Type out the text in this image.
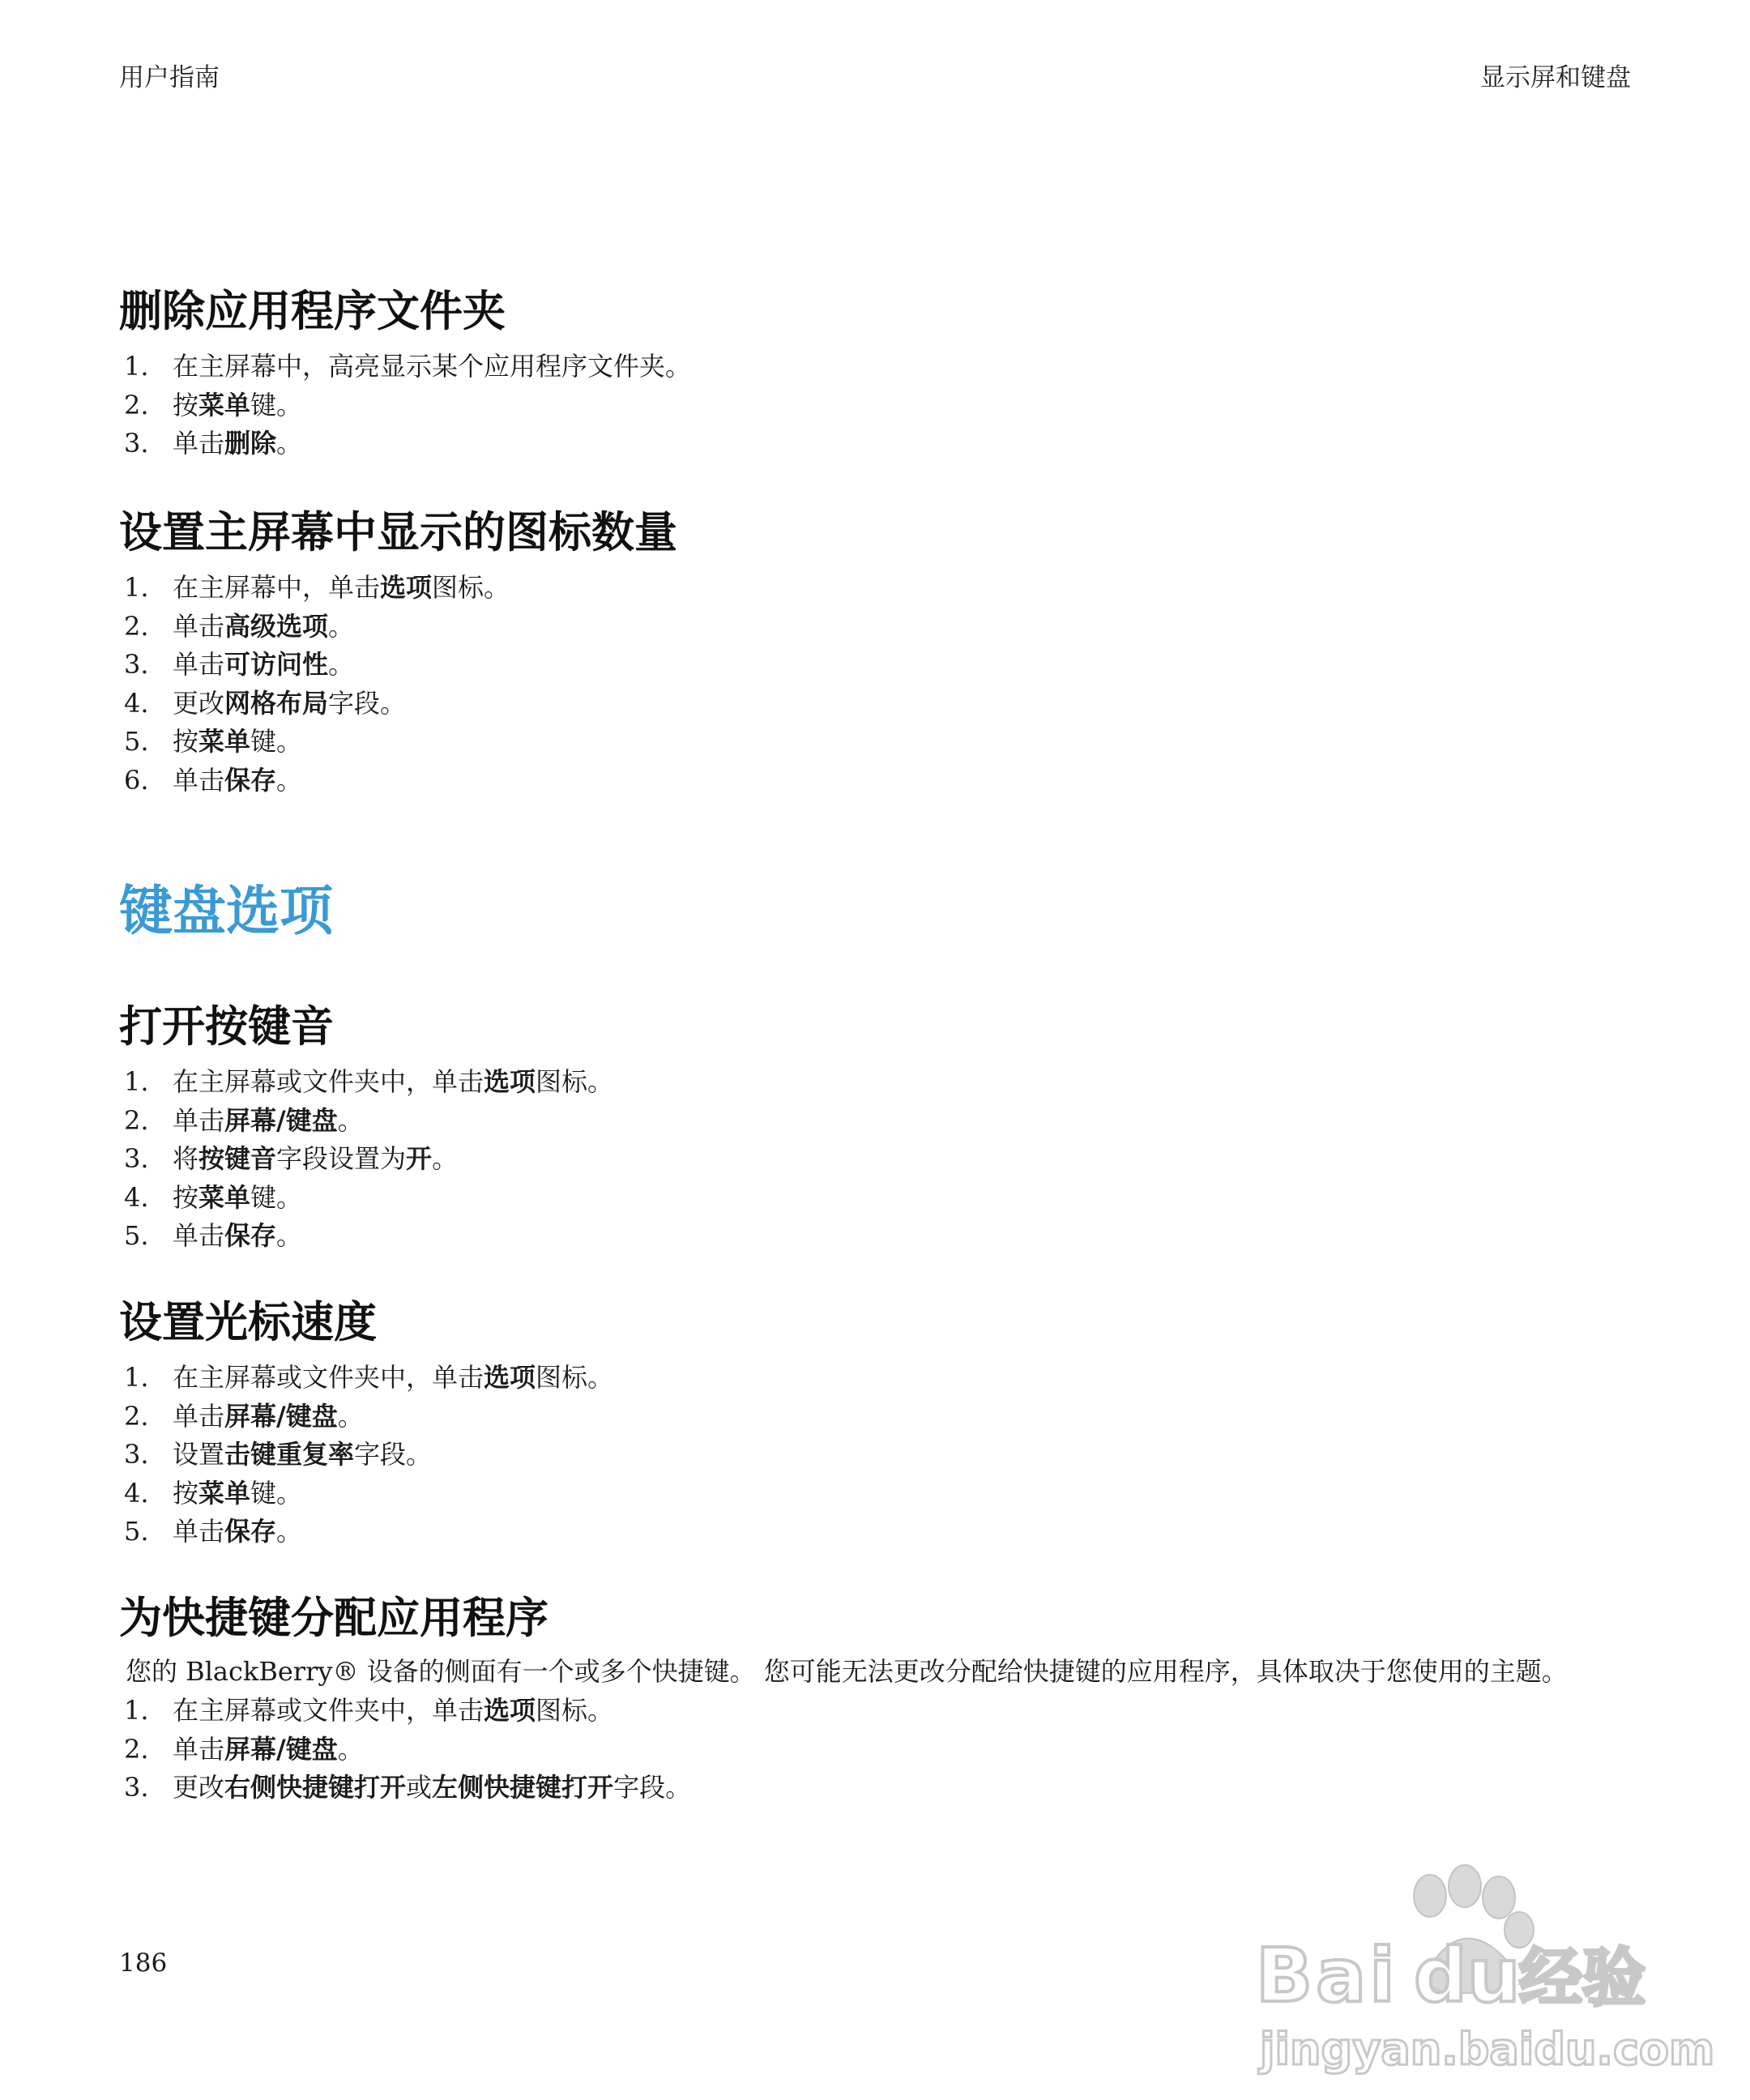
用户指南	显示屏和键盘
删除应用程序文件夹
1. 在主屏幕中，高亮显示某个应用程序文件夹。
2. 按菜单键。
3. 单击删除。
设置主屏幕中显示的图标数量
1. 在主屏幕中，单击选项图标。
2. 单击高级选项。
3. 单击可访问性。
4. 更改网格布局字段。
5. 按菜单键。
6. 单击保存。
键盘选项
打开按键音
1. 在主屏幕或文件夹中，单击选项图标。
2. 单击屏幕/键盘。
3. 将按键音字段设置为开。
4. 按菜单键。
5. 单击保存。
设置光标速度
1. 在主屏幕或文件夹中，单击选项图标。
2. 单击屏幕/键盘。
3. 设置击键重复率字段。
4. 按菜单键。
5. 单击保存。
为快捷键分配应用程序

您的 BlackBerry® 设备的侧面有一个或多个快捷键。 您可能无法更改分配给快捷键的应用程序，具体取决于您使用的主题。

1. 在主屏幕或文件夹中，单击选项图标。
2. 单击屏幕/键盘。
3. 更改右侧快捷键打开或左侧快捷键打开字段。
186	Bai du
经验
jingyan.baidu.com
